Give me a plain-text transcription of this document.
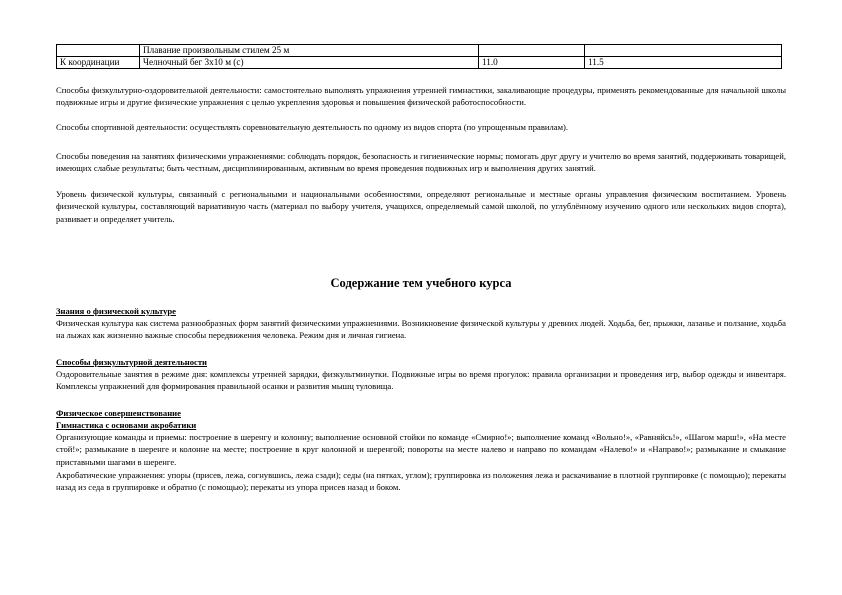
	Плавание произвольным стилем 25 м		
К координации	Челночный бег 3х10 м (с)	11.0	11.5

Способы физкультурно-оздоровительной деятельности: самостоятельно выполнять упражнения утренней гимнастики, закаливающие процедуры, применять рекомендованные для начальной школы подвижные игры и другие физические упражнения с целью укрепления здоровья и повышения физической работоспособности.

Способы спортивной деятельности: осуществлять соревновательную деятельность по одному из видов спорта (по упрощенным правилам).

Способы поведения на занятиях физическими упражнениями: соблюдать порядок, безопасность и гигиенические нормы; помогать друг другу и учителю во время занятий, поддерживать товарищей, имеющих слабые результаты; быть честным, дисциплинированным, активным во время проведения подвижных игр и выполнения других занятий.

Уровень физической культуры, связанный с региональными и национальными особенностями, определяют региональные и местные органы управления физическим воспитанием. Уровень физической культуры, составляющий вариативную часть (материал по выбору учителя, учащихся, определяемый самой школой, по углублённому изучению одного или нескольких видов спорта), развивает и определяет учитель.

Содержание тем учебного курса

Знания о физической культуре

Физическая культура как система разнообразных форм занятий физическими упражнениями. Возникновение физической культуры у древних людей. Ходьба, бег, прыжки, лазанье и ползание, ходьба на лыжах как жизненно важные способы передвижения человека. Режим дня и личная гигиена.

Способы физкультурной деятельности

Оздоровительные занятия в режиме дня: комплексы утренней зарядки, физкультминутки. Подвижные игры во время прогулок: правила организации и проведения игр, выбор одежды и инвентаря. Комплексы упражнений для формирования правильной осанки и развития мышц туловища.

Физическое совершенствование

Гимнастика с основами акробатики

Организующие команды и приемы: построение в шеренгу и колонну; выполнение основной стойки по команде «Смирно!»; выполнение команд «Вольно!», «Равняйсь!», «Шагом марш!», «На месте стой!»; размыкание в шеренге и колонне на месте; построение в круг колонной и шеренгой; повороты на месте налево и направо по командам «Налево!» и «Направо!»; размыкание и смыкание приставными шагами в шеренге.

Акробатические упражнения: упоры (присев, лежа, согнувшись, лежа сзади); седы (на пятках, углом); группировка из положения лежа и раскачивание в плотной группировке (с помощью); перекаты назад из седа в группировке и обратно (с помощью); перекаты из упора присев назад и боком.
